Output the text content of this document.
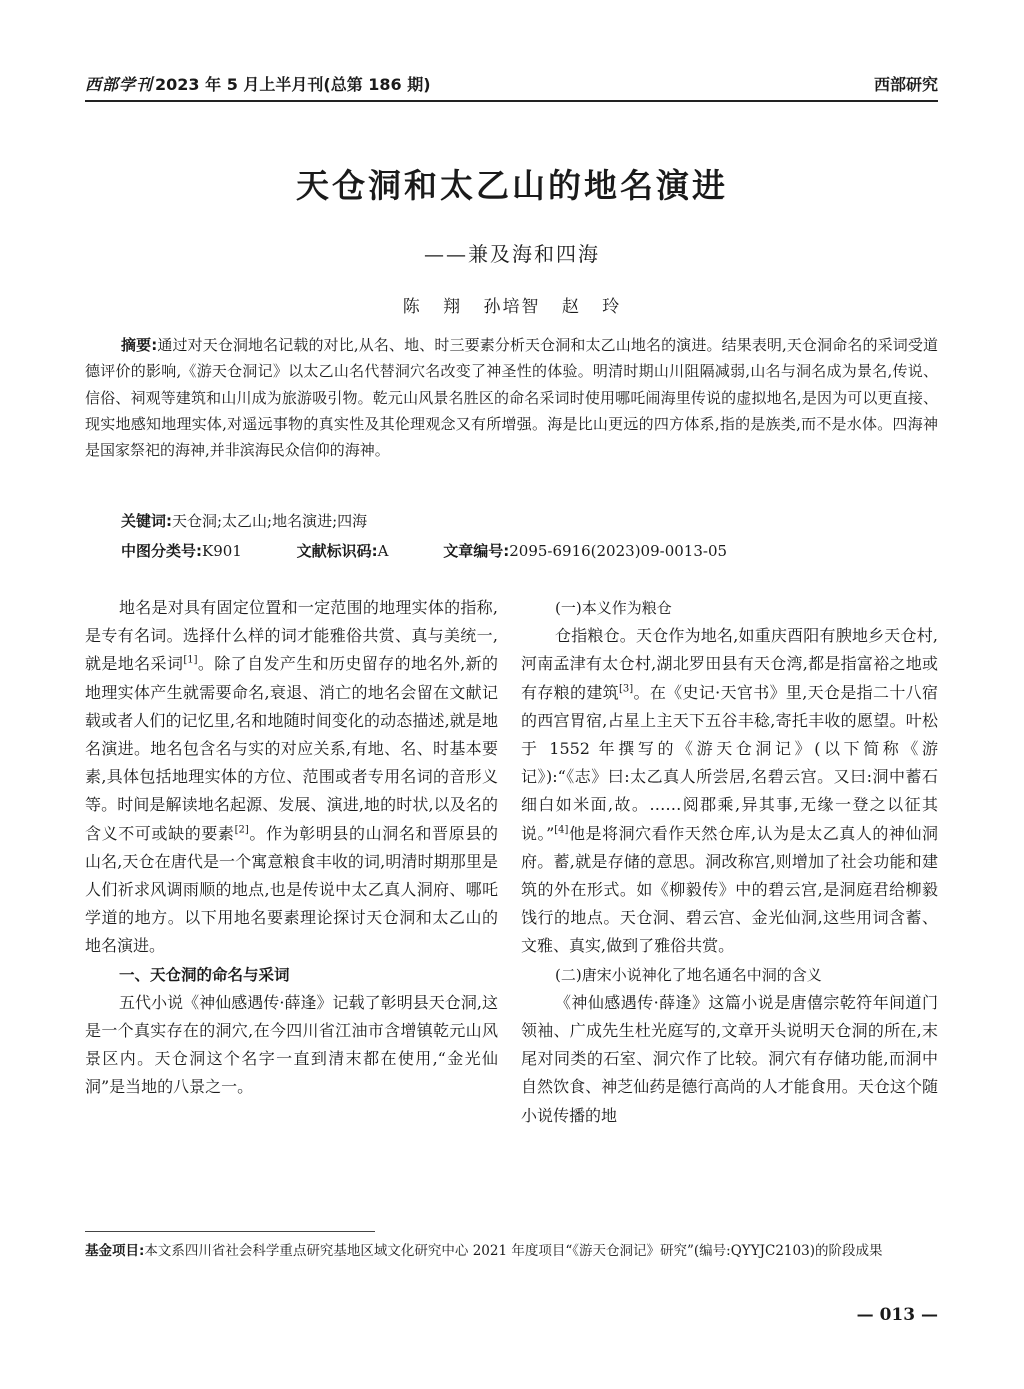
西部学刊 2023 年 5 月上半月刊(总第 186 期)	西部研究
天仓洞和太乙山的地名演进
——兼及海和四海
陈 翔 孙培智 赵 玲
摘要:通过对天仓洞地名记载的对比,从名、地、时三要素分析天仓洞和太乙山地名的演进。结果表明,天仓洞命名的采词受道德评价的影响,《游天仓洞记》以太乙山名代替洞穴名改变了神圣性的体验。明清时期山川阻隔减弱,山名与洞名成为景名,传说、信俗、祠观等建筑和山川成为旅游吸引物。乾元山风景名胜区的命名采词时使用哪吒闹海里传说的虚拟地名,是因为可以更直接、现实地感知地理实体,对遥远事物的真实性及其伦理观念又有所增强。海是比山更远的四方体系,指的是族类,而不是水体。四海神是国家祭祀的海神,并非滨海民众信仰的海神。
关键词:天仓洞;太乙山;地名演进;四海
中图分类号:K901	文献标识码:A	文章编号:2095-6916(2023)09-0013-05

地名是对具有固定位置和一定范围的地理实体的指称,是专有名词。选择什么样的词才能雅俗共赏、真与美统一,就是地名采词[1]。除了自发产生和历史留存的地名外,新的地理实体产生就需要命名,衰退、消亡的地名会留在文献记载或者人们的记忆里,名和地随时间变化的动态描述,就是地名演进。地名包含名与实的对应关系,有地、名、时基本要素,具体包括地理实体的方位、范围或者专用名词的音形义等。时间是解读地名起源、发展、演进,地的时状,以及名的含义不可或缺的要素[2]。作为彰明县的山洞名和晋原县的山名,天仓在唐代是一个寓意粮食丰收的词,明清时期那里是人们祈求风调雨顺的地点,也是传说中太乙真人洞府、哪吒学道的地方。以下用地名要素理论探讨天仓洞和太乙山的地名演进。

一、天仓洞的命名与采词

五代小说《神仙感遇传·薛逢》记载了彰明县天仓洞,这是一个真实存在的洞穴,在今四川省江油市含增镇乾元山风景区内。天仓洞这个名字一直到清末都在使用,“金光仙洞”是当地的八景之一。

(一)本义作为粮仓

仓指粮仓。天仓作为地名,如重庆酉阳有腴地乡天仓村,河南孟津有太仓村,湖北罗田县有天仓湾,都是指富裕之地或有存粮的建筑[3]。在《史记·天官书》里,天仓是指二十八宿的西宫胃宿,占星上主天下五谷丰稔,寄托丰收的愿望。叶松于 1552 年撰写的《游天仓洞记》(以下简称《游记》):“《志》曰:太乙真人所尝居,名碧云宫。又曰:洞中蓄石细白如米面,故。……阅郡乘,异其事,无缘一登之以征其说。”[4]他是将洞穴看作天然仓库,认为是太乙真人的神仙洞府。蓄,就是存储的意思。洞改称宫,则增加了社会功能和建筑的外在形式。如《柳毅传》中的碧云宫,是洞庭君给柳毅饯行的地点。天仓洞、碧云宫、金光仙洞,这些用词含蓄、文雅、真实,做到了雅俗共赏。

(二)唐宋小说神化了地名通名中洞的含义

《神仙感遇传·薛逢》这篇小说是唐僖宗乾符年间道门领袖、广成先生杜光庭写的,文章开头说明天仓洞的所在,末尾对同类的石室、洞穴作了比较。洞穴有存储功能,而洞中自然饮食、神芝仙药是德行高尚的人才能食用。天仓这个随小说传播的地

基金项目:本文系四川省社会科学重点研究基地区域文化研究中心 2021 年度项目“《游天仓洞记》研究”(编号:QYYJC2103)的阶段成果
— 013 —
